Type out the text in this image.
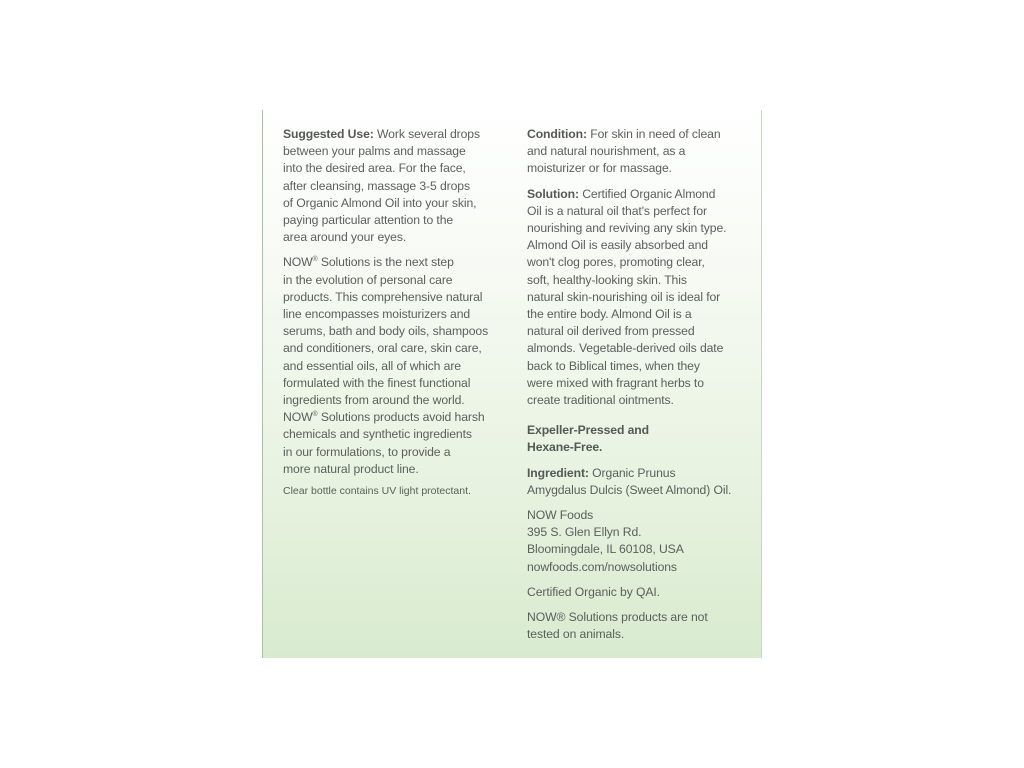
Suggested Use: Work several drops
between your palms and massage
into the desired area. For the face,
after cleansing, massage 3-5 drops
of Organic Almond Oil into your skin,
paying particular attention to the
area around your eyes.

NOW® Solutions is the next step
in the evolution of personal care
products. This comprehensive natural
line encompasses moisturizers and
serums, bath and body oils, shampoos
and conditioners, oral care, skin care,
and essential oils, all of which are
formulated with the finest functional
ingredients from around the world.
NOW® Solutions products avoid harsh
chemicals and synthetic ingredients
in our formulations, to provide a
more natural product line.

Clear bottle contains UV light protectant.

Condition: For skin in need of clean
and natural nourishment, as a
moisturizer or for massage.

Solution: Certified Organic Almond
Oil is a natural oil that's perfect for
nourishing and reviving any skin type.
Almond Oil is easily absorbed and
won't clog pores, promoting clear,
soft, healthy-looking skin. This
natural skin-nourishing oil is ideal for
the entire body. Almond Oil is a
natural oil derived from pressed
almonds. Vegetable-derived oils date
back to Biblical times, when they
were mixed with fragrant herbs to
create traditional ointments.

Expeller-Pressed and
Hexane-Free.

Ingredient: Organic Prunus
Amygdalus Dulcis (Sweet Almond) Oil.

NOW Foods
395 S. Glen Ellyn Rd.
Bloomingdale, IL 60108, USA
nowfoods.com/nowsolutions

Certified Organic by QAI.

NOW® Solutions products are not
tested on animals.
